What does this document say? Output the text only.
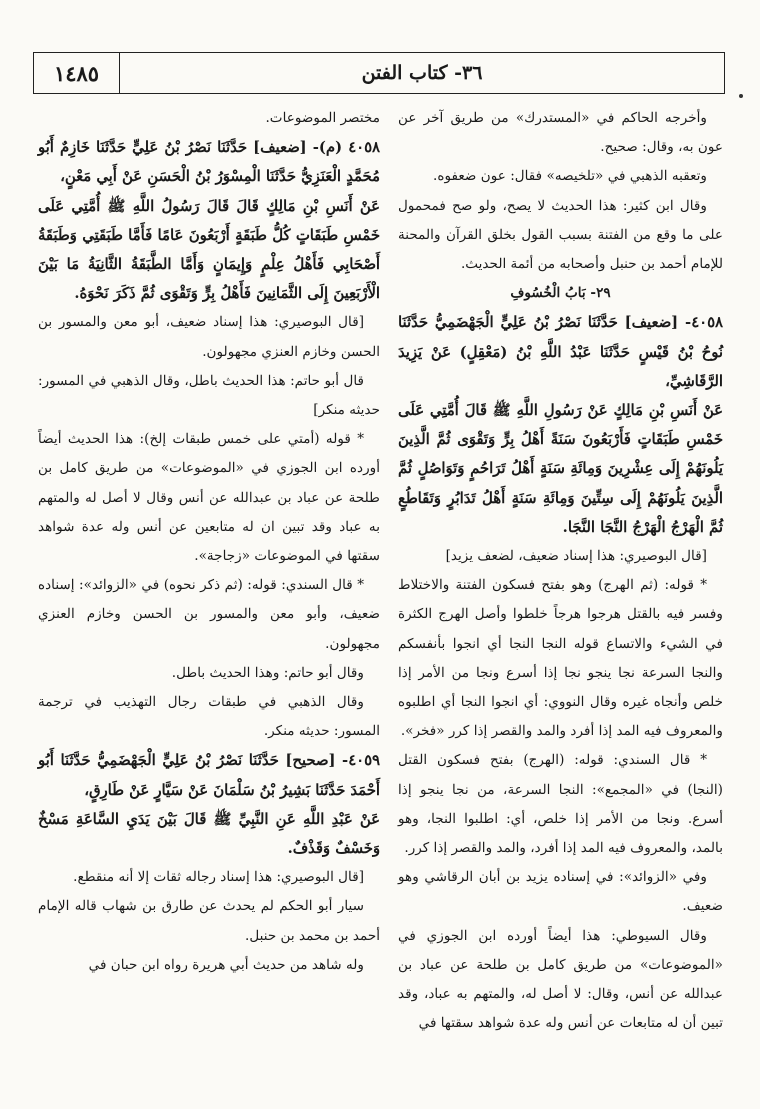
١٤٨٥	٣٦- كتاب الفتن

وأخرجه الحاكم في «المستدرك» من طريق آخر عن عون به، وقال: صحيح.

وتعقبه الذهبي في «تلخيصه» فقال: عون ضعفوه.

وقال ابن كثير: هذا الحديث لا يصح، ولو صح فمحمول على ما وقع من الفتنة بسبب القول بخلق القرآن والمحنة للإمام أحمد بن حنبل وأصحابه من أئمة الحديث.

٢٩- بَابُ الْخُسُوفِ

٤٠٥٨- [ضعيف] حَدَّثَنَا نَصْرُ بْنُ عَلِيٍّ الْجَهْضَمِيُّ حَدَّثَنَا نُوحُ بْنُ قَيْسٍ حَدَّثَنَا عَبْدُ اللَّهِ بْنُ (مَعْقِلٍ) عَنْ يَزِيدَ الرَّقَاشِيِّ،

عَنْ أَنَسِ بْنِ مَالِكٍ عَنْ رَسُولِ اللَّهِ ﷺ قَالَ أُمَّتِي عَلَى خَمْسِ طَبَقَاتٍ فَأَرْبَعُونَ سَنَةً أَهْلُ بِرٍّ وَتَقْوَى ثُمَّ الَّذِينَ يَلُونَهُمْ إِلَى عِشْرِينَ وَمِائَةِ سَنَةٍ أَهْلُ تَرَاحُمٍ وَتَوَاصُلٍ ثُمَّ الَّذِينَ يَلُونَهُمْ إِلَى سِتِّينَ وَمِائَةِ سَنَةٍ أَهْلُ تَدَابُرٍ وَتَقَاطُعٍ ثُمَّ الْهَرْجُ الْهَرْجُ النَّجَا النَّجَا.

[قال البوصيري: هذا إسناد ضعيف، لضعف يزيد]

* قوله: (ثم الهرج) وهو بفتح فسكون الفتنة والاختلاط وفسر فيه بالقتل هرجوا هرجاً خلطوا وأصل الهرج الكثرة في الشيء والاتساع قوله النجا النجا أي انجوا بأنفسكم والنجا السرعة نجا ينجو نجا إذا أسرع ونجا من الأمر إذا خلص وأنجاه غيره وقال النووي: أي انجوا النجا أي اطلبوه والمعروف فيه المد إذا أفرد والمد والقصر إذا كرر «فخر».

* قال السندي: قوله: (الهرج) بفتح فسكون القتل (النجا) في «المجمع»: النجا السرعة، من نجا ينجو إذا أسرع. ونجا من الأمر إذا خلص، أي: اطلبوا النجا، وهو بالمد، والمعروف فيه المد إذا أفرد، والمد والقصر إذا كرر.

وفي «الزوائد»: في إسناده يزيد بن أبان الرقاشي وهو ضعيف.

وقال السيوطي: هذا أيضاً أورده ابن الجوزي في «الموضوعات» من طريق كامل بن طلحة عن عباد بن عبدالله عن أنس، وقال: لا أصل له، والمتهم به عباد، وقد تبين أن له متابعات عن أنس وله عدة شواهد سقتها في

مختصر الموضوعات.

٤٠٥٨ (م)- [ضعيف] حَدَّثَنَا نَصْرُ بْنُ عَلِيٍّ حَدَّثَنَا خَازِمٌ أَبُو مُحَمَّدٍ الْعَنَزِيُّ حَدَّثَنَا الْمِسْوَرُ بْنُ الْحَسَنِ عَنْ أَبِي مَعْنٍ،

عَنْ أَنَسِ بْنِ مَالِكٍ قَالَ قَالَ رَسُولُ اللَّهِ ﷺ أُمَّتِي عَلَى خَمْسِ طَبَقَاتٍ كُلُّ طَبَقَةٍ أَرْبَعُونَ عَامًا فَأَمَّا طَبَقَتِي وَطَبَقَةُ أَصْحَابِي فَأَهْلُ عِلْمٍ وَإِيمَانٍ وَأَمَّا الطَّبَقَةُ الثَّانِيَةُ مَا بَيْنَ الْأَرْبَعِينَ إِلَى الثَّمَانِينَ فَأَهْلُ بِرٍّ وَتَقْوَى ثُمَّ ذَكَرَ نَحْوَهُ.

[قال البوصيري: هذا إسناد ضعيف، أبو معن والمسور بن الحسن وخازم العنزي مجهولون.

قال أبو حاتم: هذا الحديث باطل، وقال الذهبي في المسور: حديثه منكر]

* قوله (أمتي على خمس طبقات إلخ): هذا الحديث أيضاً أورده ابن الجوزي في «الموضوعات» من طريق كامل بن طلحة عن عباد بن عبدالله عن أنس وقال لا أصل له والمتهم به عباد وقد تبين ان له متابعين عن أنس وله عدة شواهد سقتها في الموضوعات «زجاجة».

* قال السندي: قوله: (ثم ذكر نحوه) في «الزوائد»: إسناده ضعيف، وأبو معن والمسور بن الحسن وخازم العنزي مجهولون.

وقال أبو حاتم: وهذا الحديث باطل.

وقال الذهبي في طبقات رجال التهذيب في ترجمة المسور: حديثه منكر.

٤٠٥٩- [صحيح] حَدَّثَنَا نَصْرُ بْنُ عَلِيٍّ الْجَهْضَمِيُّ حَدَّثَنَا أَبُو أَحْمَدَ حَدَّثَنَا بَشِيرُ بْنُ سَلْمَانَ عَنْ سَيَّارٍ عَنْ طَارِقٍ،

عَنْ عَبْدِ اللَّهِ عَنِ النَّبِيِّ ﷺ قَالَ بَيْنَ يَدَيِ السَّاعَةِ مَسْخٌ وَخَسْفٌ وَقَذْفٌ.

[قال البوصيري: هذا إسناد رجاله ثقات إلا أنه منقطع.

سيار أبو الحكم لم يحدث عن طارق بن شهاب قاله الإمام أحمد بن محمد بن حنبل.

وله شاهد من حديث أبي هريرة رواه ابن حبان في
